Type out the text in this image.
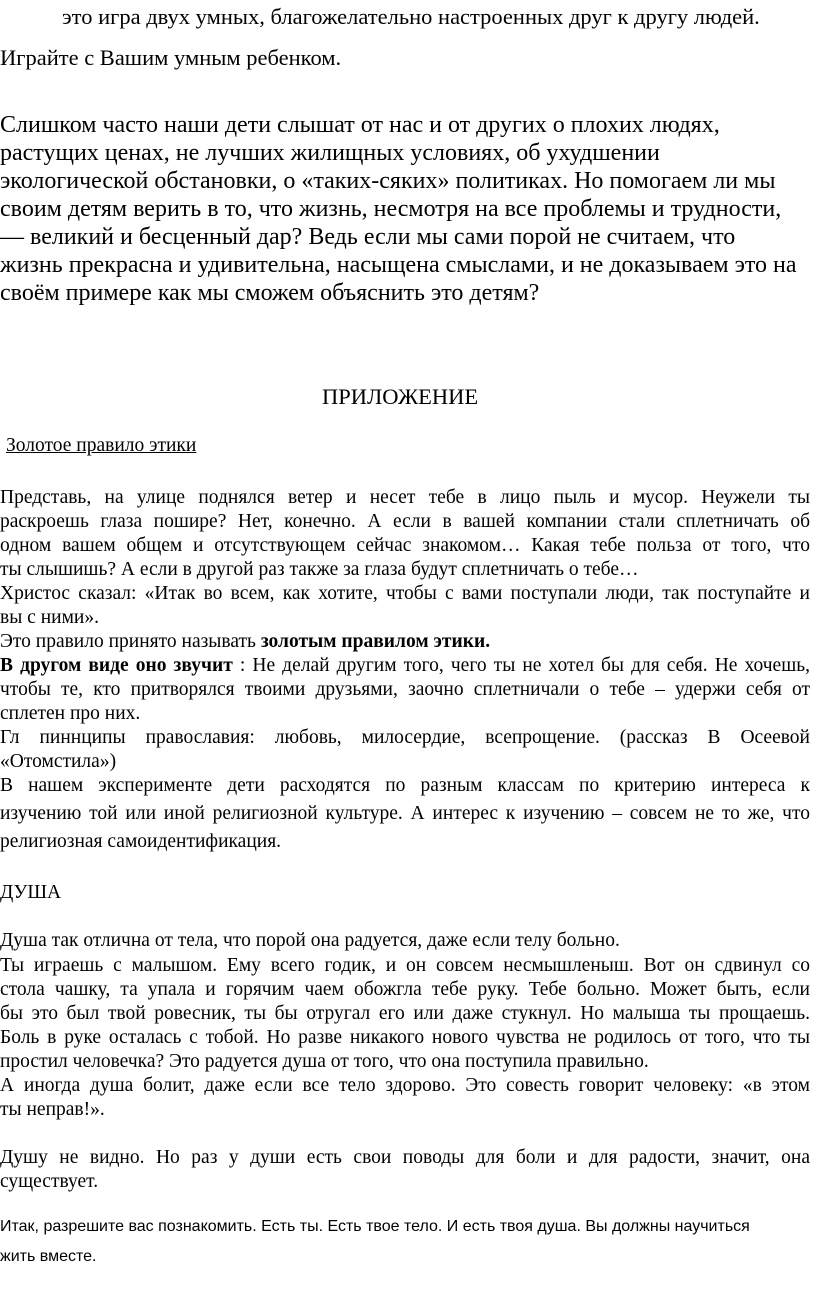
это игра двух умных, благожелательно настроенных друг к другу людей.
Играйте с Вашим умным ребенком.
Слишком часто наши дети слышат от нас и от других о плохих людях,
растущих ценах, не лучших жилищных условиях, об ухудшении
экологической обстановки, о «таких-сяких» политиках. Но помогаем ли мы
своим детям верить в то, что жизнь, несмотря на все проблемы и трудности,
— великий и бесценный дар? Ведь если мы сами порой не считаем, что
жизнь прекрасна и удивительна, насыщена смыслами, и не доказываем это на
своём примере как мы сможем объяснить это детям?
ПРИЛОЖЕНИЕ
Золотое правило этики
Представь, на улице поднялся ветер и несет тебе в лицо пыль и мусор. Неужели ты
раскроешь глаза пошире? Нет, конечно. А если в вашей компании стали сплетничать об
одном вашем общем и отсутствующем сейчас знакомом… Какая тебе польза от того, что
ты слышишь? А если в другой раз также за глаза будут сплетничать о тебе…
Христос сказал: «Итак во всем, как хотите, чтобы с вами поступали люди, так поступайте и
вы с ними».
Это правило принято называть золотым правилом этики.
В другом виде оно звучит : Не делай другим того, чего ты не хотел бы для себя. Не хочешь,
чтобы те, кто притворялся твоими друзьями, заочно сплетничали о тебе – удержи себя от
сплетен про них.
Гл пиннципы православия: любовь, милосердие, всепрощение. (рассказ В Осеевой
«Отомстила»)
В нашем эксперименте дети расходятся по разным классам по критерию интереса к
изучению той или иной религиозной культуре. А интерес к изучению – совсем не то же, что
религиозная самоидентификация.
ДУША
Душа так отлична от тела, что порой она радуется, даже если телу больно.
Ты играешь с малышом. Ему всего годик, и он совсем несмышленыш. Вот он сдвинул со
стола чашку, та упала и горячим чаем обожгла тебе руку. Тебе больно. Может быть, если
бы это был твой ровесник, ты бы отругал его или даже стукнул. Но малыша ты прощаешь.
Боль в руке осталась с тобой. Но разве никакого нового чувства не родилось от того, что ты
простил человечка? Это радуется душа от того, что она поступила правильно.
А иногда душа болит, даже если все тело здорово. Это совесть говорит человеку: «в этом
ты неправ!».
Душу не видно. Но раз у души есть свои поводы для боли и для радости, значит, она
существует.
Итак, разрешите вас познакомить. Есть ты. Есть твое тело. И есть твоя душа. Вы должны научиться
жить вместе.
